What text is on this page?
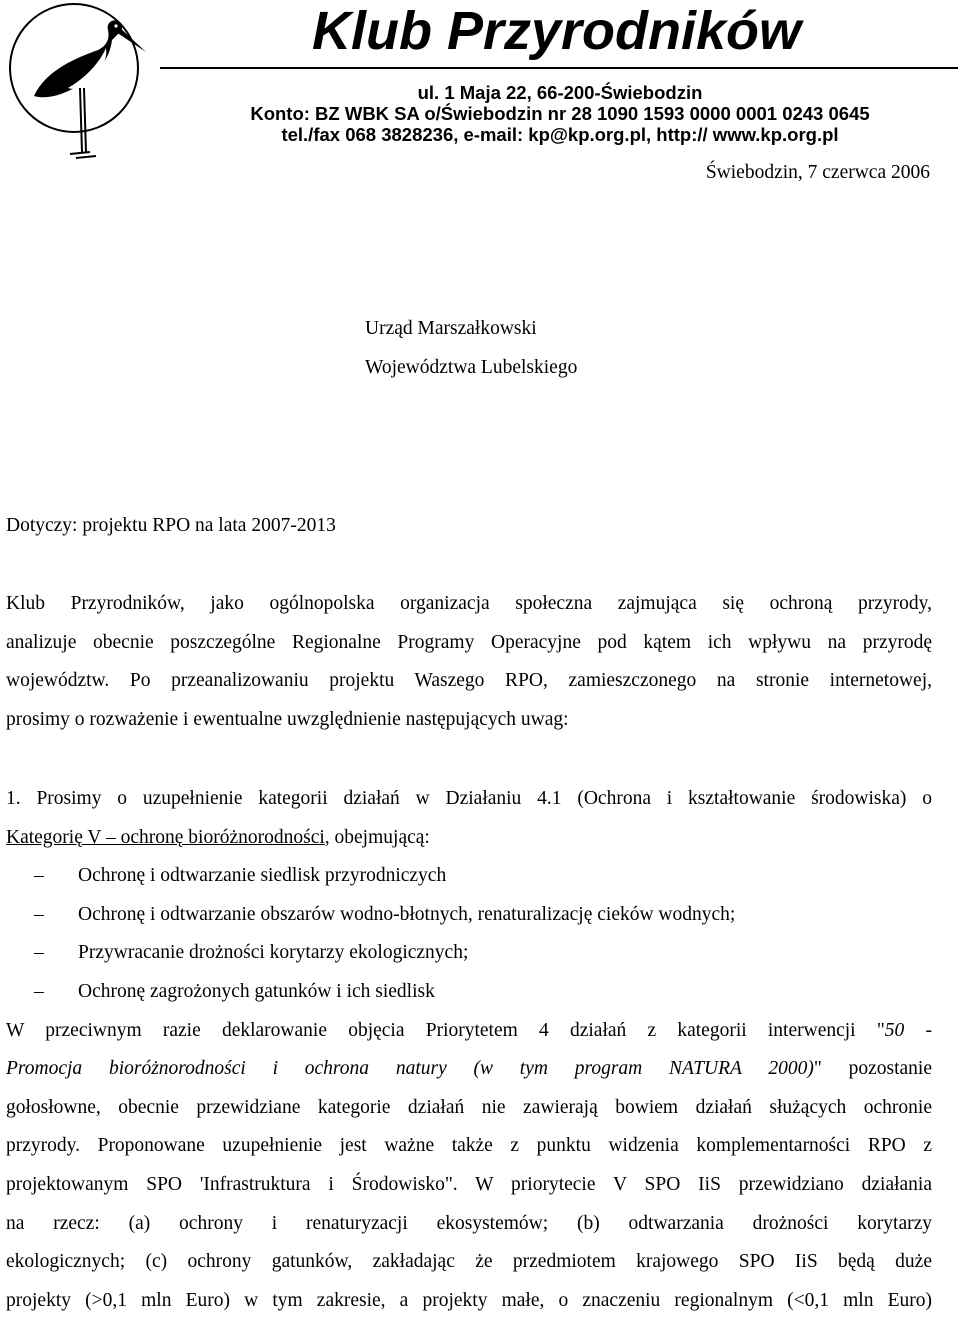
Klub Przyrodników
ul. 1 Maja 22, 66-200-Świebodzin
Konto: BZ WBK SA o/Świebodzin nr 28 1090 1593 0000 0001 0243 0645
tel./fax 068 3828236, e-mail: kp@kp.org.pl, http:// www.kp.org.pl
Świebodzin, 7 czerwca 2006
Urząd Marszałkowski
Województwa Lubelskiego
Dotyczy: projektu RPO na lata 2007-2013
Klub Przyrodników, jako ogólnopolska organizacja społeczna zajmująca się ochroną przyrody,
analizuje obecnie poszczególne Regionalne Programy Operacyjne pod kątem ich wpływu na przyrodę
województw. Po przeanalizowaniu projektu Waszego RPO, zamieszczonego na stronie internetowej,
prosimy o rozważenie i ewentualne uwzględnienie następujących uwag:
1. Prosimy o uzupełnienie kategorii działań w Działaniu 4.1 (Ochrona i kształtowanie środowiska) o
Kategorię V – ochronę bioróżnorodności, obejmującą:
– Ochronę i odtwarzanie siedlisk przyrodniczych
– Ochronę i odtwarzanie obszarów wodno-błotnych, renaturalizację cieków wodnych;
– Przywracanie drożności korytarzy ekologicznych;
– Ochronę zagrożonych gatunków i ich siedlisk
W przeciwnym razie deklarowanie objęcia Priorytetem 4 działań z kategorii interwencji "50 -
Promocja bioróżnorodności i ochrona natury (w tym program NATURA 2000)" pozostanie
gołosłowne, obecnie przewidziane kategorie działań nie zawierają bowiem działań służących ochronie
przyrody. Proponowane uzupełnienie jest ważne także z punktu widzenia komplementarności RPO z
projektowanym SPO 'Infrastruktura i Środowisko". W priorytecie V SPO IiS przewidziano działania
na rzecz: (a) ochrony i renaturyzacji ekosystemów; (b) odtwarzania drożności korytarzy
ekologicznych; (c) ochrony gatunków, zakładając że przedmiotem krajowego SPO IiS będą duże
projekty (>0,1 mln Euro) w tym zakresie, a projekty małe, o znaczeniu regionalnym (<0,1 mln Euro)
